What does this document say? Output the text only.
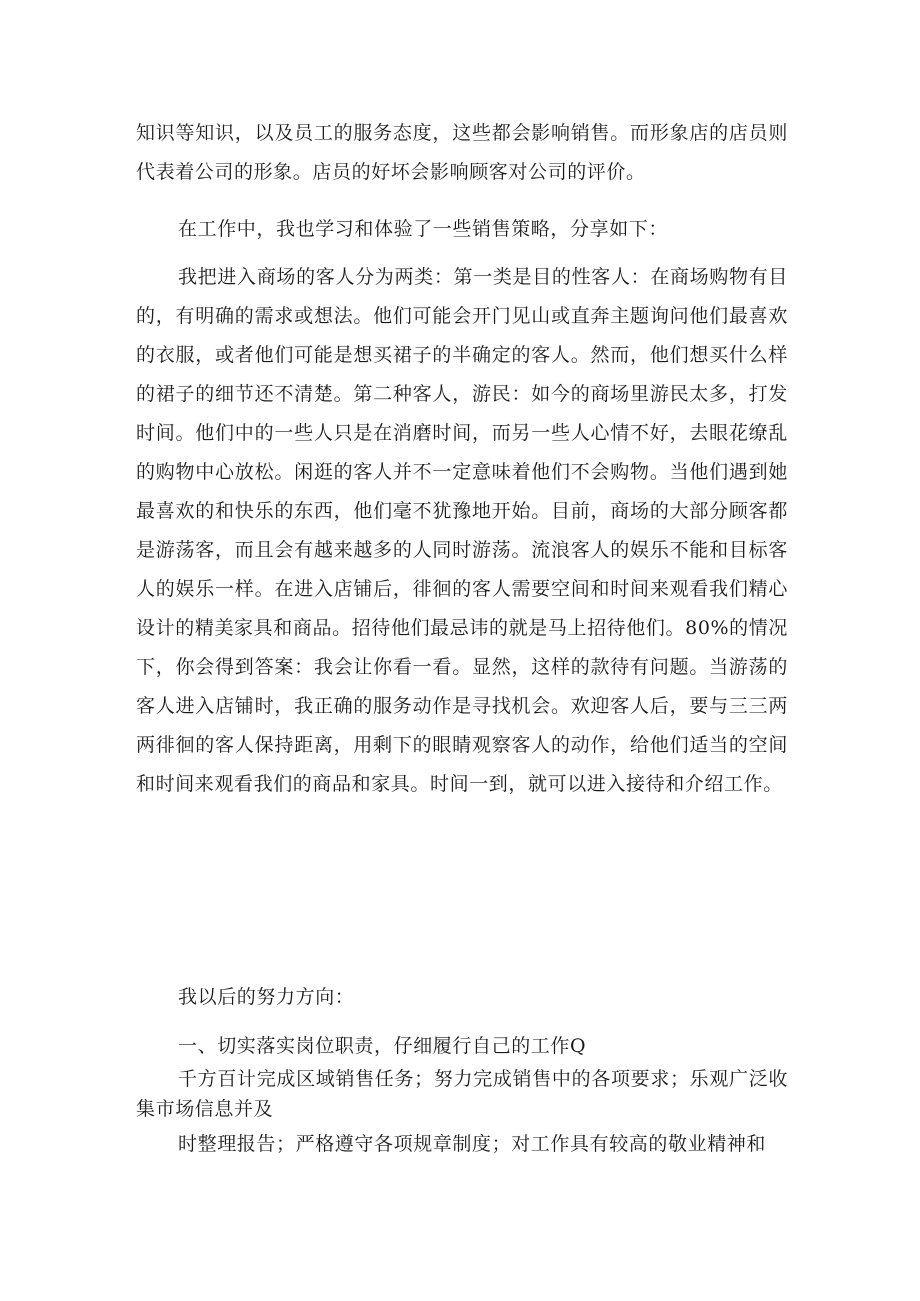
知识等知识，以及员工的服务态度，这些都会影响销售。而形象店的店员则代表着公司的形象。店员的好坏会影响顾客对公司的评价。

在工作中，我也学习和体验了一些销售策略，分享如下：

我把进入商场的客人分为两类：第一类是目的性客人：在商场购物有目的，有明确的需求或想法。他们可能会开门见山或直奔主题询问他们最喜欢的衣服，或者他们可能是想买裙子的半确定的客人。然而，他们想买什么样的裙子的细节还不清楚。第二种客人，游民：如今的商场里游民太多，打发时间。他们中的一些人只是在消磨时间，而另一些人心情不好，去眼花缭乱的购物中心放松。闲逛的客人并不一定意味着他们不会购物。当他们遇到她最喜欢的和快乐的东西，他们毫不犹豫地开始。目前，商场的大部分顾客都是游荡客，而且会有越来越多的人同时游荡。流浪客人的娱乐不能和目标客人的娱乐一样。在进入店铺后，徘徊的客人需要空间和时间来观看我们精心设计的精美家具和商品。招待他们最忌讳的就是马上招待他们。80%的情况下，你会得到答案：我会让你看一看。显然，这样的款待有问题。当游荡的客人进入店铺时，我正确的服务动作是寻找机会。欢迎客人后，要与三三两两徘徊的客人保持距离，用剩下的眼睛观察客人的动作，给他们适当的空间和时间来观看我们的商品和家具。时间一到，就可以进入接待和介绍工作。

我以后的努力方向：

一、切实落实岗位职责，仔细履行自己的工作Q

千方百计完成区域销售任务；努力完成销售中的各项要求；乐观广泛收集市场信息并及

时整理报告；严格遵守各项规章制度；对工作具有较高的敬业精神和
